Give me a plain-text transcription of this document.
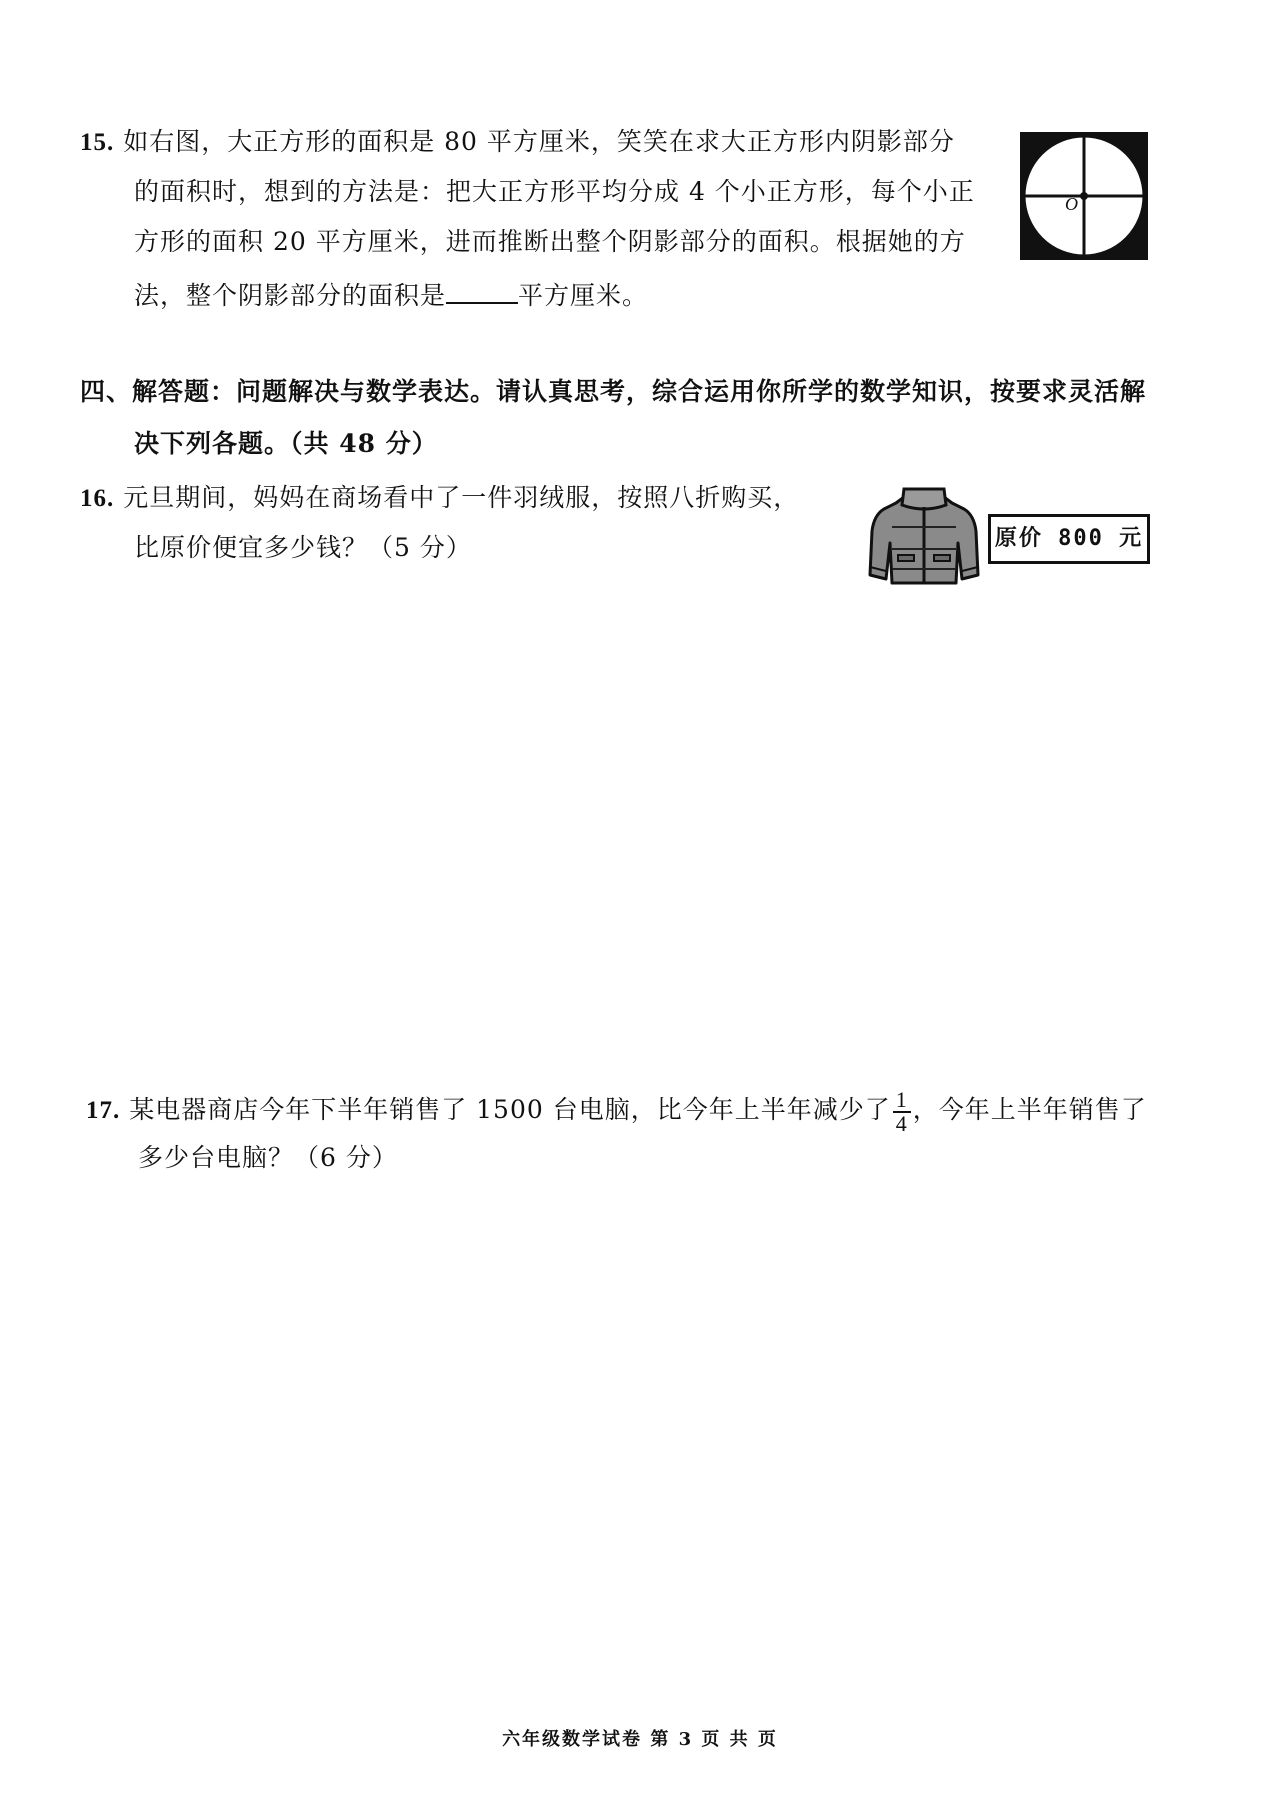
15. 如右图，大正方形的面积是 80 平方厘米，笑笑在求大正方形内阴影部分
的面积时，想到的方法是：把大正方形平均分成 4 个小正方形，每个小正
方形的面积 20 平方厘米，进而推断出整个阴影部分的面积。根据她的方
法，整个阴影部分的面积是	平方厘米。
O
四、解答题：问题解决与数学表达。请认真思考，综合运用你所学的数学知识，按要求灵活解
决下列各题。（共 48 分）
16. 元旦期间，妈妈在商场看中了一件羽绒服，按照八折购买，
比原价便宜多少钱？（5 分）	原价 800 元
17. 某电器商店今年下半年销售了 1500 台电脑，比今年上半年减少了 $\frac{1}{4}$ ，今年上半年销售了
多少台电脑？（6 分）
六年级数学试卷 第 3 页 共 页
